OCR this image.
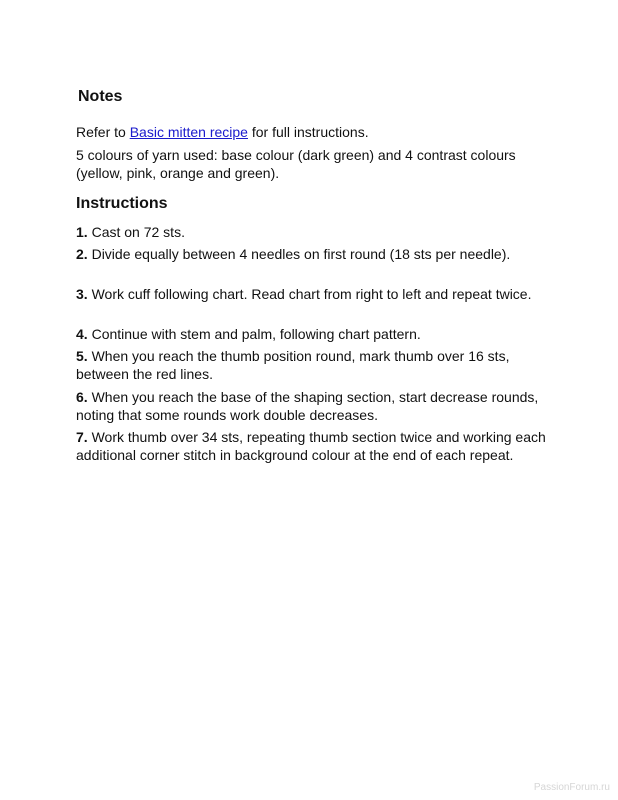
Notes

Refer to Basic mitten recipe for full instructions.

5 colours of yarn used: base colour (dark green) and 4 contrast colours (yellow, pink, orange and green).

Instructions

1. Cast on 72 sts.

2. Divide equally between 4 needles on first round (18 sts per needle).

3. Work cuff following chart. Read chart from right to left and repeat twice.

4. Continue with stem and palm, following chart pattern.

5. When you reach the thumb position round, mark thumb over 16 sts, between the red lines.

6. When you reach the base of the shaping section, start decrease rounds, noting that some rounds work double decreases.

7. Work thumb over 34 sts, repeating thumb section twice and working each additional corner stitch in background colour at the end of each repeat.

PassionForum.ru
